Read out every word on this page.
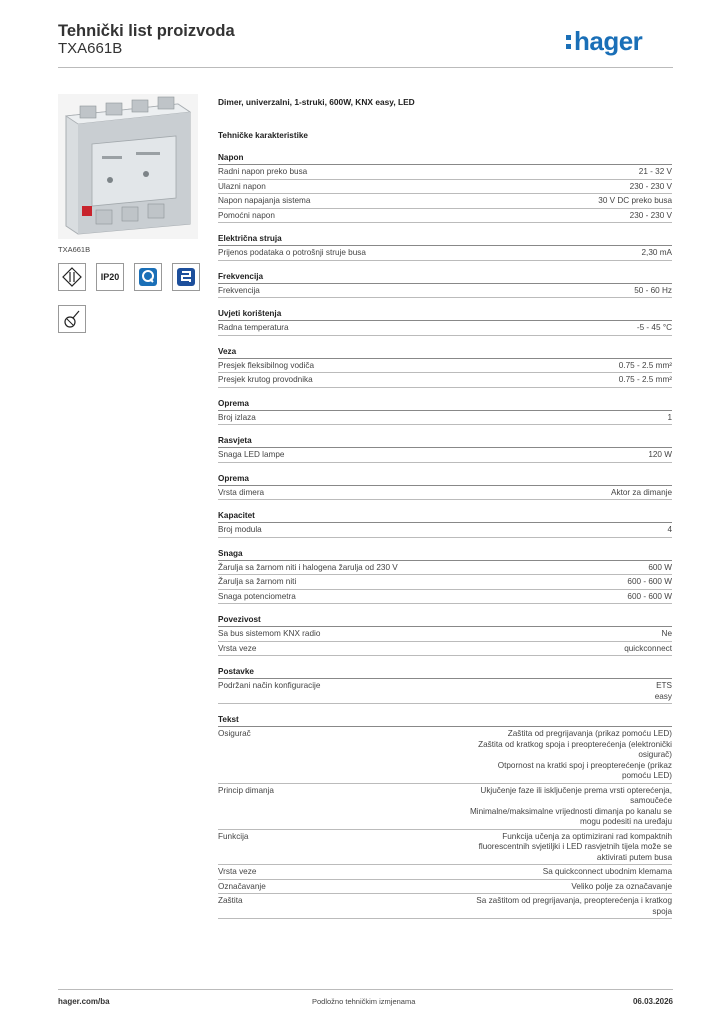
Tehnički list proizvoda
TXA661B	hager
TXA661B
IP20
Dimer, univerzalni, 1-struki, 600W, KNX easy, LED
Tehničke karakteristike
Napon
Radni napon preko busa	21 - 32 V
Ulazni napon	230 - 230 V
Napon napajanja sistema	30 V DC preko busa
Pomoćni napon	230 - 230 V
Električna struja
Prijenos podataka o potrošnji struje busa	2,30 mA
Frekvencija
Frekvencija	50 - 60 Hz
Uvjeti korištenja
Radna temperatura	-5 - 45 °C
Veza
Presjek fleksibilnog vodiča	0.75 - 2.5 mm²
Presjek krutog provodnika	0.75 - 2.5 mm²
Oprema
Broj izlaza	1
Rasvjeta
Snaga LED lampe	120 W
Oprema
Vrsta dimera	Aktor za dimanje
Kapacitet
Broj modula	4
Snaga
Žarulja sa žarnom niti i halogena žarulja od 230 V	600 W
Žarulja sa žarnom niti	600 - 600 W
Snaga potenciometra	600 - 600 W
Povezivost
Sa bus sistemom KNX radio	Ne
Vrsta veze	quickconnect
Postavke
Podržani način konfiguracije	ETS
easy
Tekst
Osigurač	Zaštita od pregrijavanja (prikaz pomoću LED)
Zaštita od kratkog spoja i preopterećenja (elektronički
osigurač)
Otpornost na kratki spoj i preopterećenje (prikaz
pomoću LED)
Princip dimanja	Ukjučenje faze ili isključenje prema vrsti opterećenja,
samoučeće
Minimalne/maksimalne vrijednosti dimanja po kanalu se
mogu podesiti na uređaju
Funkcija	Funkcija učenja za optimizirani rad kompaktnih
fluorescentnih svjetiljki i LED rasvjetnih tijela može se
aktivirati putem busa
Vrsta veze	Sa quickconnect ubodnim klemama
Označavanje	Veliko polje za označavanje
Zaštita	Sa zaštitom od pregrijavanja, preopterećenja i kratkog
spoja
hager.com/ba	Podložno tehničkim izmjenama	06.03.2026
